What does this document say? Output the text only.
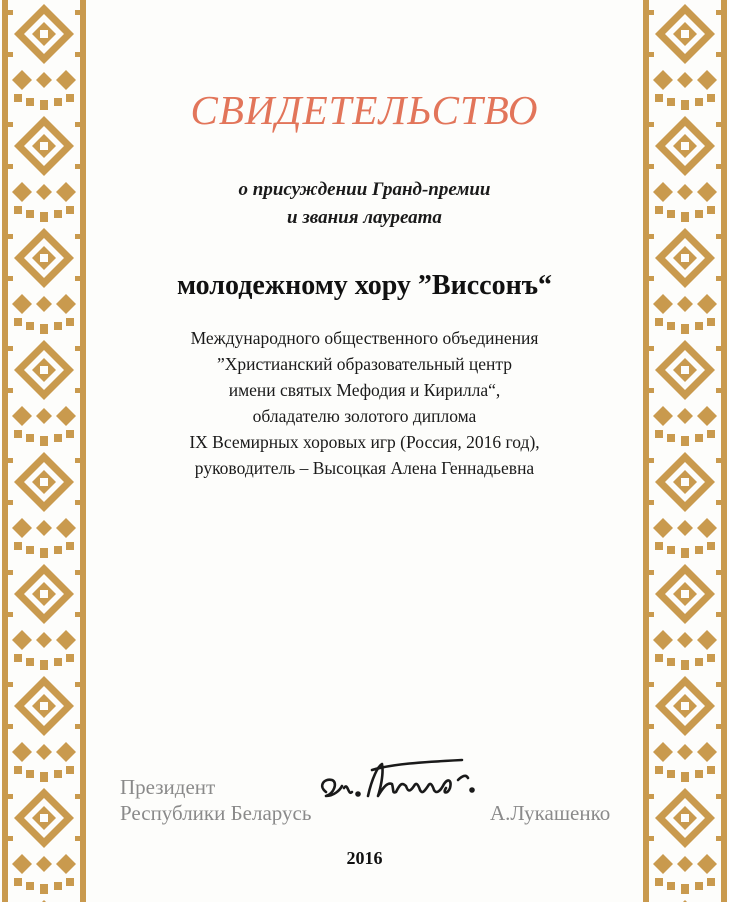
СВИДЕТЕЛЬСТВО
о присуждении Гранд-премии
и звания лауреата
молодежному хору ”Виссонъ“
Международного общественного объединения
”Христианский образовательный центр
имени святых Мефодия и Кирилла“,
обладателю золотого диплома
IX Всемирных хоровых игр (Россия, 2016 год),
руководитель – Высоцкая Алена Геннадьевна
Президент
Республики Беларусь	А.Лукашенко
2016
